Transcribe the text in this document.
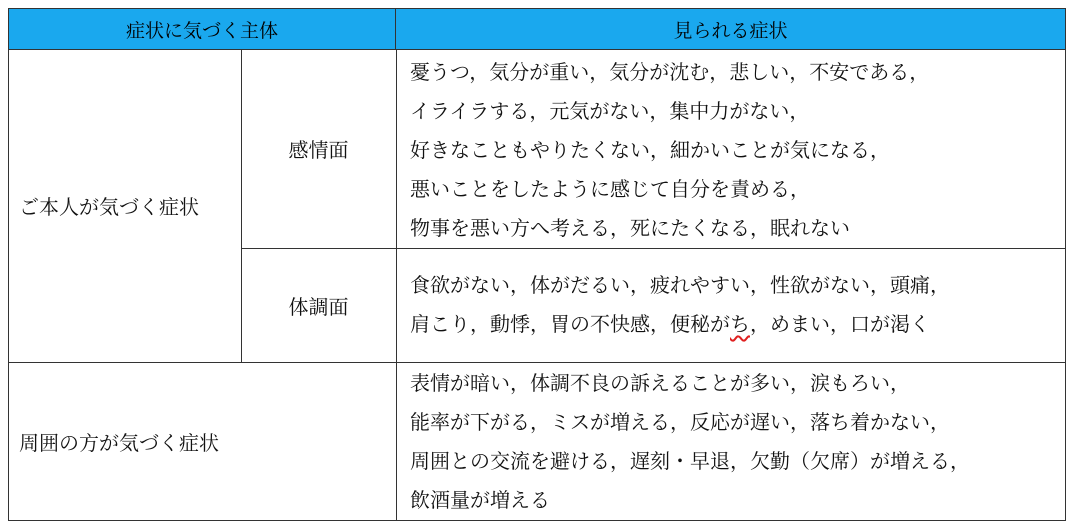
症状に気づく主体	見られる症状
ご本人が気づく症状
感情面
体調面
憂うつ，気分が重い，気分が沈む，悲しい，不安である，
イライラする，元気がない，集中力がない，
好きなこともやりたくない，細かいことが気になる，
悪いことをしたように感じて自分を責める，
物事を悪い方へ考える，死にたくなる，眠れない
食欲がない，体がだるい，疲れやすい，性欲がない，頭痛，
肩こり，動悸，胃の不快感，便秘がち，めまい，口が渇く
周囲の方が気づく症状
表情が暗い，体調不良の訴えることが多い，涙もろい，
能率が下がる，ミスが増える，反応が遅い，落ち着かない，
周囲との交流を避ける，遅刻・早退，欠勤（欠席）が増える，
飲酒量が増える
